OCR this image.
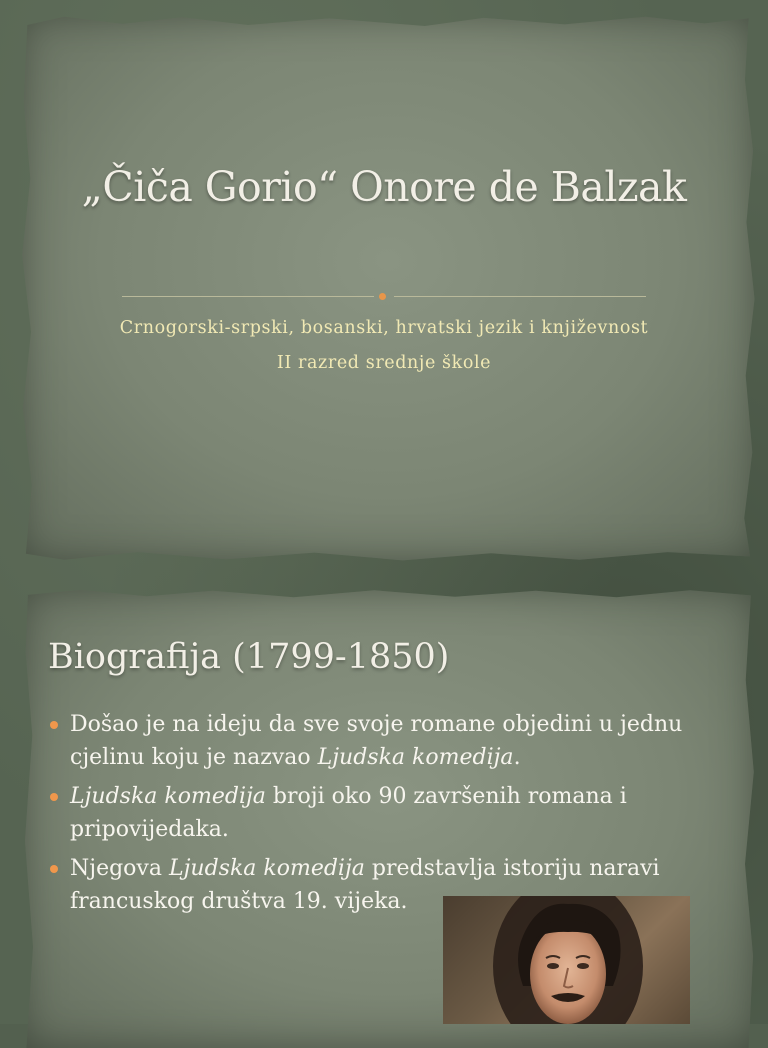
„Čiča Gorio“ Onore de Balzak
Crnogorski-srpski, bosanski, hrvatski jezik i književnost
II razred srednje škole
Biografija (1799-1850)
Došao je na ideju da sve svoje romane objedini u jednu cjelinu koju je nazvao Ljudska komedija.
Ljudska komedija broji oko 90 završenih romana i pripovijedaka.
Njegova Ljudska komedija predstavlja istoriju naravi francuskog društva 19. vijeka.
